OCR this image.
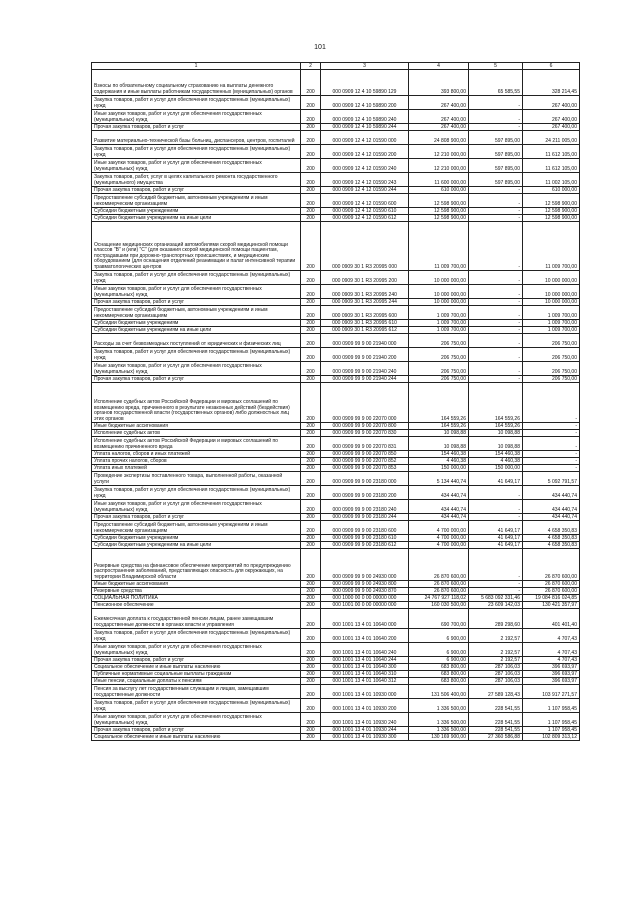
101
1	2	3	4	5	6
Взносы по обязательному социальному страхованию на выплаты денежного содержания и иные выплаты работникам государственных (муниципальных) органов	200	000 0909 12 4 10 59890 129	393 800,00	65 585,55	328 214,45
Закупка товаров, работ и услуг для обеспечения государственных (муниципальных) нужд	200	000 0909 12 4 10 59890 200	267 400,00	-	267 400,00
Иные закупки товаров, работ и услуг для обеспечения государственных (муниципальных) нужд	200	000 0909 12 4 10 59890 240	267 400,00	-	267 400,00
Прочая закупка товаров, работ и услуг	200	000 0909 12 4 10 59890 244	267 400,00	-	267 400,00
Развитие материально-технической базы больниц, диспансеров, центров, госпиталей	200	000 0909 12 4 12 01590 000	24 808 900,00	597 895,00	24 211 005,00
Закупка товаров, работ и услуг для обеспечения государственных (муниципальных) нужд	200	000 0909 12 4 12 01590 200	12 210 000,00	597 895,00	11 612 105,00
Иные закупки товаров, работ и услуг для обеспечения государственных (муниципальных) нужд	200	000 0909 12 4 12 01590 240	12 210 000,00	597 895,00	11 612 105,00
Закупка товаров, работ, услуг в целях капитального ремонта государственного (муниципального) имущества	200	000 0909 12 4 12 01590 243	11 600 000,00	597 895,00	11 002 105,00
Прочая закупка товаров, работ и услуг	200	000 0909 12 4 12 01590 244	610 000,00	-	610 000,00
Предоставление субсидий бюджетным, автономным учреждениям и иным некоммерческим организациям	200	000 0909 12 4 12 01590 600	12 598 900,00	-	12 598 900,00
Субсидии бюджетным учреждениям	200	000 0909 12 4 12 01590 610	12 598 900,00	-	12 598 900,00
Субсидии бюджетным учреждениям на иные цели	200	000 0909 12 4 12 01590 612	12 598 900,00	-	12 598 900,00
Оснащение медицинских организаций автомобилями скорой медицинской помощи классов "В" и (или) "С" (для оказания скорой медицинской помощи пациентам, пострадавшим при дорожно-транспортных происшествиях, и медицинским оборудованием (для оснащения отделений реанимации и палат интенсивной терапии травматологических центров	200	000 0909 30 1 R3 20995 000	11 009 700,00	-	11 009 700,00
Закупка товаров, работ и услуг для обеспечения государственных (муниципальных) нужд	200	000 0909 30 1 R3 20995 200	10 000 000,00	-	10 000 000,00
Иные закупки товаров, работ и услуг для обеспечения государственных (муниципальных) нужд	200	000 0909 30 1 R3 20995 240	10 000 000,00	-	10 000 000,00
Прочая закупка товаров, работ и услуг	200	000 0909 30 1 R3 20995 244	10 000 000,00	-	10 000 000,00
Предоставление субсидий бюджетным, автономным учреждениям и иным некоммерческим организациям	200	000 0909 30 1 R3 20995 600	1 009 700,00	-	1 009 700,00
Субсидии бюджетным учреждениям	200	000 0909 30 1 R3 20995 610	1 009 700,00	-	1 009 700,00
Субсидии бюджетным учреждениям на иные цели	200	000 0909 30 1 R3 20995 612	1 009 700,00	-	1 009 700,00
Расходы за счет безвозмездных поступлений от юридических и физических лиц	200	000 0909 99 9 00 21940 000	206 750,00	-	206 750,00
Закупка товаров, работ и услуг для обеспечения государственных (муниципальных) нужд	200	000 0909 99 9 00 21940 200	206 750,00	-	206 750,00
Иные закупки товаров, работ и услуг для обеспечения государственных (муниципальных) нужд	200	000 0909 99 9 00 21940 240	206 750,00	-	206 750,00
Прочая закупка товаров, работ и услуг	200	000 0909 99 9 00 21940 244	206 750,00	-	206 750,00
Исполнение судебных актов Российской Федерации и мировых соглашений по возмещению вреда, причиненного в результате незаконных действий (бездействия) органов государственной власти (государственных органов) либо должностных лиц этих органов	200	000 0909 99 9 00 22070 000	164 559,26	164 559,26	-
Иные бюджетные ассигнования	200	000 0909 99 9 00 22070 800	164 559,26	164 559,26	-
Исполнение судебных актов	200	000 0909 99 9 00 22070 830	10 098,88	10 098,88	-
Исполнение судебных актов Российской Федерации и мировых соглашений по возмещению причиненного вреда	200	000 0909 99 9 00 22070 831	10 098,88	10 098,88	-
Уплата налогов, сборов и иных платежей	200	000 0909 99 9 00 22070 850	154 460,38	154 460,38	-
Уплата прочих налогов, сборов	200	000 0909 99 9 00 22070 852	4 460,38	4 460,38	-
Уплата иных платежей	200	000 0909 99 9 00 22070 853	150 000,00	150 000,00	-
Проведение экспертизы поставленного товара, выполненной работы, оказанной услуги	200	000 0909 99 9 00 23180 000	5 134 440,74	41 649,17	5 092 791,57
Закупка товаров, работ и услуг для обеспечения государственных (муниципальных) нужд	200	000 0909 99 9 00 23180 200	434 440,74	-	434 440,74
Иные закупки товаров, работ и услуг для обеспечения государственных (муниципальных) нужд	200	000 0909 99 9 00 23180 240	434 440,74	-	434 440,74
Прочая закупка товаров, работ и услуг	200	000 0909 99 9 00 23180 244	434 440,74	-	434 440,74
Предоставление субсидий бюджетным, автономным учреждениям и иным некоммерческим организациям	200	000 0909 99 9 00 23180 600	4 700 000,00	41 649,17	4 658 350,83
Субсидии бюджетным учреждениям	200	000 0909 99 9 00 23180 610	4 700 000,00	41 649,17	4 658 350,83
Субсидии бюджетным учреждениям на иные цели	200	000 0909 99 9 00 23180 612	4 700 000,00	41 649,17	4 658 350,83
Резервные средства на финансовое обеспечение мероприятий по предупреждению распространения заболеваний, представляющих опасность для окружающих, на территории Владимирской области	200	000 0909 99 9 00 24930 000	26 870 600,00	-	26 870 600,00
Иные бюджетные ассигнования	200	000 0909 99 9 00 24930 800	26 870 600,00	-	26 870 600,00
Резервные средства	200	000 0909 99 9 00 24930 870	26 870 600,00	-	26 870 600,00
СОЦИАЛЬНАЯ ПОЛИТИКА	200	000 1000 00 0 00 00000 000	24 767 927 118,02	5 683 092 331,46	19 084 816 024,85
Пенсионное обеспечение	200	000 1001 00 0 00 00000 000	160 030 500,00	23 609 142,03	130 421 357,97
Ежемесячная доплата к государственной пенсии лицам, ранее замещавшим государственные должности в органах власти и управления	200	000 1001 13 4 01 10640 000	690 700,00	289 298,60	401 401,40
Закупка товаров, работ и услуг для обеспечения государственных (муниципальных) нужд	200	000 1001 13 4 01 10640 200	6 900,00	2 192,57	4 707,43
Иные закупки товаров, работ и услуг для обеспечения государственных (муниципальных) нужд	200	000 1001 13 4 01 10640 240	6 900,00	2 192,57	4 707,43
Прочая закупка товаров, работ и услуг	200	000 1001 13 4 01 10640 244	6 900,00	2 192,57	4 707,43
Социальное обеспечение и иные выплаты населению	200	000 1001 13 4 01 10640 300	683 800,00	287 106,03	396 693,97
Публичные нормативные социальные выплаты гражданам	200	000 1001 13 4 01 10640 310	683 800,00	287 106,03	396 693,97
Иные пенсии, социальные доплаты к пенсиям	200	000 1001 13 4 01 10640 312	683 800,00	287 106,03	396 693,97
Пенсия за выслугу лет государственным служащим и лицам, замещавшим государственные должности	200	000 1001 13 4 01 10930 000	131 506 400,00	27 589 128,43	103 917 271,57
Закупка товаров, работ и услуг для обеспечения государственных (муниципальных) нужд	200	000 1001 13 4 01 10930 200	1 336 500,00	228 541,55	1 107 958,45
Иные закупки товаров, работ и услуг для обеспечения государственных (муниципальных) нужд	200	000 1001 13 4 01 10930 240	1 336 500,00	228 541,55	1 107 958,45
Прочая закупка товаров, работ и услуг	200	000 1001 13 4 01 10930 244	1 336 500,00	228 541,55	1 107 958,45
Социальное обеспечение и иные выплаты населению	200	000 1001 13 4 01 10930 300	130 169 900,00	27 360 586,88	102 809 313,12
